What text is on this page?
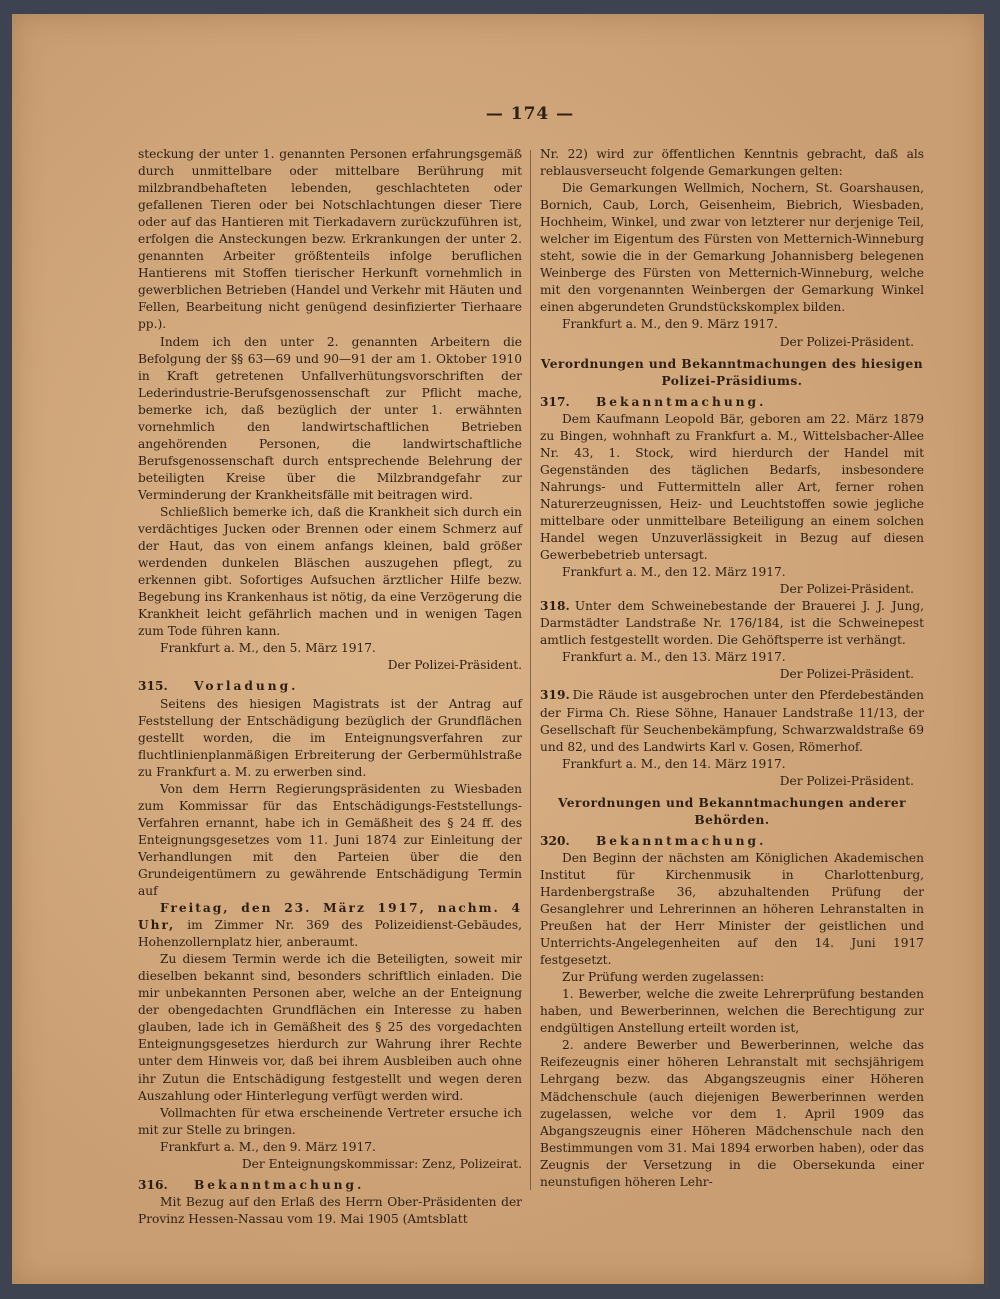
— 174 —

steckung der unter 1. genannten Personen erfahrungsgemäß durch unmittelbare oder mittelbare Berührung mit milzbrandbehafteten lebenden, geschlachteten oder gefallenen Tieren oder bei Notschlachtungen dieser Tiere oder auf das Hantieren mit Tierkadavern zurückzuführen ist, erfolgen die Ansteckungen bezw. Erkrankungen der unter 2. genannten Arbeiter größtenteils infolge beruflichen Hantierens mit Stoffen tierischer Herkunft vornehmlich in gewerblichen Betrieben (Handel und Verkehr mit Häuten und Fellen, Bearbeitung nicht genügend desinfizierter Tierhaare pp.).

Indem ich den unter 2. genannten Arbeitern die Befolgung der §§ 63—69 und 90—91 der am 1. Oktober 1910 in Kraft getretenen Unfallverhütungsvorschriften der Lederindustrie-Berufsgenossenschaft zur Pflicht mache, bemerke ich, daß bezüglich der unter 1. erwähnten vornehmlich den landwirtschaftlichen Betrieben angehörenden Personen, die landwirtschaftliche Berufsgenossenschaft durch entsprechende Belehrung der beteiligten Kreise über die Milzbrandgefahr zur Verminderung der Krankheitsfälle mit beitragen wird.

Schließlich bemerke ich, daß die Krankheit sich durch ein verdächtiges Jucken oder Brennen oder einem Schmerz auf der Haut, das von einem anfangs kleinen, bald größer werdenden dunkelen Bläschen auszugehen pflegt, zu erkennen gibt. Sofortiges Aufsuchen ärztlicher Hilfe bezw. Begebung ins Krankenhaus ist nötig, da eine Verzögerung die Krankheit leicht gefährlich machen und in wenigen Tagen zum Tode führen kann.

Frankfurt a. M., den 5. März 1917.

Der Polizei-Präsident.

315. Vorladung.

Seitens des hiesigen Magistrats ist der Antrag auf Feststellung der Entschädigung bezüglich der Grundflächen gestellt worden, die im Enteignungsverfahren zur fluchtlinienplanmäßigen Erbreiterung der Gerbermühlstraße zu Frankfurt a. M. zu erwerben sind.

Von dem Herrn Regierungspräsidenten zu Wiesbaden zum Kommissar für das Entschädigungs-Feststellungs-Verfahren ernannt, habe ich in Gemäßheit des § 24 ff. des Enteignungsgesetzes vom 11. Juni 1874 zur Einleitung der Verhandlungen mit den Parteien über die den Grundeigentümern zu gewährende Entschädigung Termin auf

Freitag, den 23. März 1917, nachm. 4 Uhr, im Zimmer Nr. 369 des Polizeidienst-Gebäudes, Hohenzollernplatz hier, anberaumt.

Zu diesem Termin werde ich die Beteiligten, soweit mir dieselben bekannt sind, besonders schriftlich einladen. Die mir unbekannten Personen aber, welche an der Enteignung der obengedachten Grundflächen ein Interesse zu haben glauben, lade ich in Gemäßheit des § 25 des vorgedachten Enteignungsgesetzes hierdurch zur Wahrung ihrer Rechte unter dem Hinweis vor, daß bei ihrem Ausbleiben auch ohne ihr Zutun die Entschädigung festgestellt und wegen deren Auszahlung oder Hinterlegung verfügt werden wird.

Vollmachten für etwa erscheinende Vertreter ersuche ich mit zur Stelle zu bringen.

Frankfurt a. M., den 9. März 1917.

Der Enteignungskommissar: Zenz, Polizeirat.

316. Bekanntmachung.

Mit Bezug auf den Erlaß des Herrn Ober-Präsidenten der Provinz Hessen-Nassau vom 19. Mai 1905 (Amtsblatt

Nr. 22) wird zur öffentlichen Kenntnis gebracht, daß als reblausverseucht folgende Gemarkungen gelten:

Die Gemarkungen Wellmich, Nochern, St. Goarshausen, Bornich, Caub, Lorch, Geisenheim, Biebrich, Wiesbaden, Hochheim, Winkel, und zwar von letzterer nur derjenige Teil, welcher im Eigentum des Fürsten von Metternich-Winneburg steht, sowie die in der Gemarkung Johannisberg belegenen Weinberge des Fürsten von Metternich-Winneburg, welche mit den vorgenannten Weinbergen der Gemarkung Winkel einen abgerundeten Grundstückskomplex bilden.

Frankfurt a. M., den 9. März 1917.

Der Polizei-Präsident.

Verordnungen und Bekanntmachungen des hiesigen Polizei-Präsidiums.

317. Bekanntmachung.

Dem Kaufmann Leopold Bär, geboren am 22. März 1879 zu Bingen, wohnhaft zu Frankfurt a. M., Wittelsbacher-Allee Nr. 43, 1. Stock, wird hierdurch der Handel mit Gegenständen des täglichen Bedarfs, insbesondere Nahrungs- und Futtermitteln aller Art, ferner rohen Naturerzeugnissen, Heiz- und Leuchtstoffen sowie jegliche mittelbare oder unmittelbare Beteiligung an einem solchen Handel wegen Unzuverlässigkeit in Bezug auf diesen Gewerbebetrieb untersagt.

Frankfurt a. M., den 12. März 1917.

Der Polizei-Präsident.

318. Unter dem Schweinebestande der Brauerei J. J. Jung, Darmstädter Landstraße Nr. 176/184, ist die Schweinepest amtlich festgestellt worden. Die Gehöftsperre ist verhängt.

Frankfurt a. M., den 13. März 1917.

Der Polizei-Präsident.

319. Die Räude ist ausgebrochen unter den Pferdebeständen der Firma Ch. Riese Söhne, Hanauer Landstraße 11/13, der Gesellschaft für Seuchenbekämpfung, Schwarzwaldstraße 69 und 82, und des Landwirts Karl v. Gosen, Römerhof.

Frankfurt a. M., den 14. März 1917.

Der Polizei-Präsident.

Verordnungen und Bekanntmachungen anderer Behörden.

320. Bekanntmachung.

Den Beginn der nächsten am Königlichen Akademischen Institut für Kirchenmusik in Charlottenburg, Hardenbergstraße 36, abzuhaltenden Prüfung der Gesanglehrer und Lehrerinnen an höheren Lehranstalten in Preußen hat der Herr Minister der geistlichen und Unterrichts-Angelegenheiten auf den 14. Juni 1917 festgesetzt.

Zur Prüfung werden zugelassen:

1. Bewerber, welche die zweite Lehrerprüfung bestanden haben, und Bewerberinnen, welchen die Berechtigung zur endgültigen Anstellung erteilt worden ist,

2. andere Bewerber und Bewerberinnen, welche das Reifezeugnis einer höheren Lehranstalt mit sechsjährigem Lehrgang bezw. das Abgangszeugnis einer Höheren Mädchenschule (auch diejenigen Bewerberinnen werden zugelassen, welche vor dem 1. April 1909 das Abgangszeugnis einer Höheren Mädchenschule nach den Bestimmungen vom 31. Mai 1894 erworben haben), oder das Zeugnis der Versetzung in die Obersekunda einer neunstufigen höheren Lehr-
